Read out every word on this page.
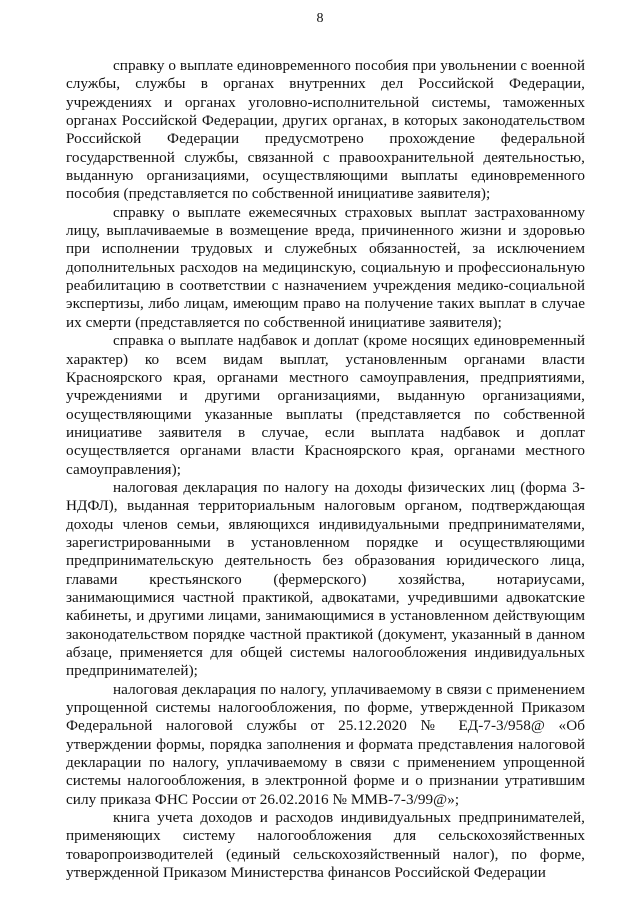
8

справку о выплате единовременного пособия при увольнении с военной службы, службы в органах внутренних дел Российской Федерации, учреждениях и органах уголовно-исполнительной системы, таможенных органах Российской Федерации, других органах, в которых законодательством Российской Федерации предусмотрено прохождение федеральной государственной службы, связанной с правоохранительной деятельностью, выданную организациями, осуществляющими выплаты единовременного пособия (представляется по собственной инициативе заявителя);

справку о выплате ежемесячных страховых выплат застрахованному лицу, выплачиваемые в возмещение вреда, причиненного жизни и здоровью при исполнении трудовых и служебных обязанностей, за исключением дополнительных расходов на медицинскую, социальную и профессиональную реабилитацию в соответствии с назначением учреждения медико-социальной экспертизы, либо лицам, имеющим право на получение таких выплат в случае их смерти (представляется по собственной инициативе заявителя);

справка о выплате надбавок и доплат (кроме носящих единовременный характер) ко всем видам выплат, установленным органами власти Красноярского края, органами местного самоуправления, предприятиями, учреждениями и другими организациями, выданную организациями, осуществляющими указанные выплаты (представляется по собственной инициативе заявителя в случае, если выплата надбавок и доплат осуществляется органами власти Красноярского края, органами местного самоуправления);

налоговая декларация по налогу на доходы физических лиц (форма 3-НДФЛ), выданная территориальным налоговым органом, подтверждающая доходы членов семьи, являющихся индивидуальными предпринимателями, зарегистрированными в установленном порядке и осуществляющими предпринимательскую деятельность без образования юридического лица, главами крестьянского (фермерского) хозяйства, нотариусами, занимающимися частной практикой, адвокатами, учредившими адвокатские кабинеты, и другими лицами, занимающимися в установленном действующим законодательством порядке частной практикой (документ, указанный в данном абзаце, применяется для общей системы налогообложения индивидуальных предпринимателей);

налоговая декларация по налогу, уплачиваемому в связи с применением упрощенной системы налогообложения, по форме, утвержденной Приказом Федеральной налоговой службы от 25.12.2020 № ЕД-7-3/958@ «Об утверждении формы, порядка заполнения и формата представления налоговой декларации по налогу, уплачиваемому в связи с применением упрощенной системы налогообложения, в электронной форме и о признании утратившим силу приказа ФНС России от 26.02.2016 № ММВ-7-3/99@»;

книга учета доходов и расходов индивидуальных предпринимателей, применяющих систему налогообложения для сельскохозяйственных товаропроизводителей (единый сельскохозяйственный налог), по форме, утвержденной Приказом Министерства финансов Российской Федерации
